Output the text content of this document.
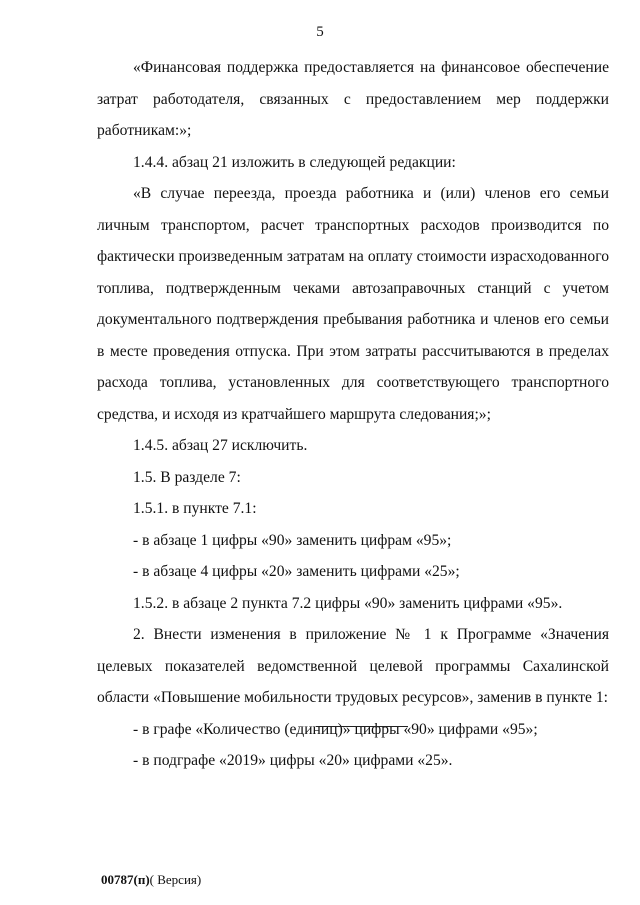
5

«Финансовая поддержка предоставляется на финансовое обеспечение затрат работодателя, связанных с предоставлением мер поддержки работникам:»;

1.4.4. абзац 21 изложить в следующей редакции:

«В случае переезда, проезда работника и (или) членов его семьи личным транспортом, расчет транспортных расходов производится по фактически произведенным затратам на оплату стоимости израсходованного топлива, подтвержденным чеками автозаправочных станций с учетом документального подтверждения пребывания работника и членов его семьи в месте проведения отпуска. При этом затраты рассчитываются в пределах расхода топлива, установленных для соответствующего транспортного средства, и исходя из кратчайшего маршрута следования;»;

1.4.5. абзац 27 исключить.

1.5. В разделе 7:

1.5.1. в пункте 7.1:

- в абзаце 1 цифры «90» заменить цифрам «95»;

- в абзаце 4 цифры «20» заменить цифрами «25»;

1.5.2. в абзаце 2 пункта 7.2 цифры «90» заменить цифрами «95».

2. Внести изменения в приложение № 1 к Программе «Значения целевых показателей ведомственной целевой программы Сахалинской области «Повышение мобильности трудовых ресурсов», заменив в пункте 1:

- в графе «Количество (единиц)» цифры «90» цифрами «95»;

- в подграфе «2019» цифры «20» цифрами «25».

00787(п)( Версия)
